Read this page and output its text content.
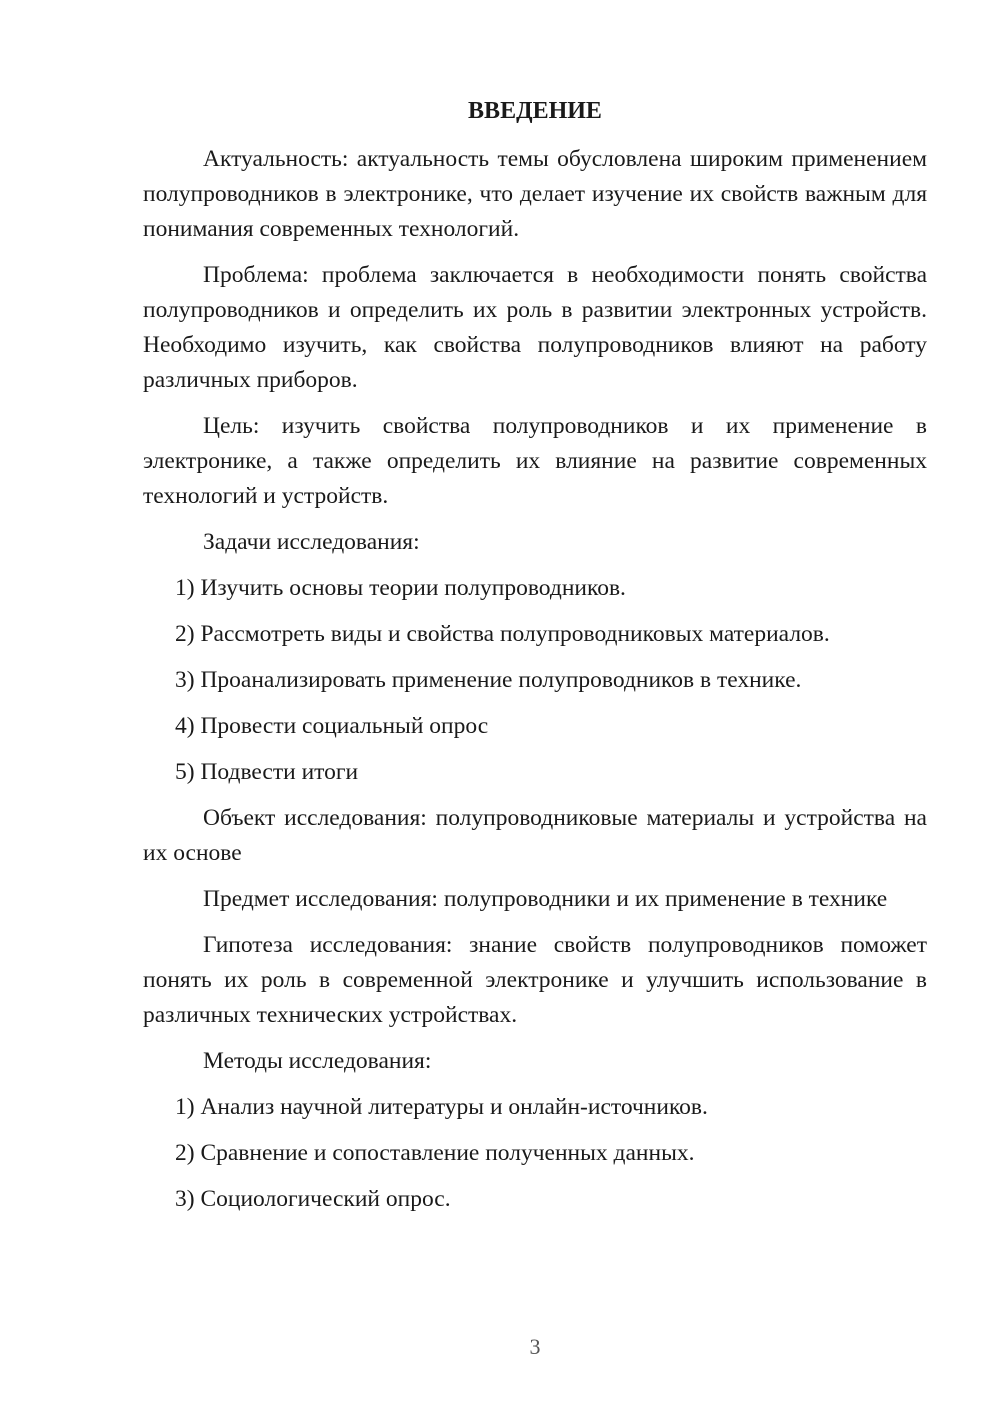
ВВЕДЕНИЕ

Актуальность: актуальность темы обусловлена широким применением полупроводников в электронике, что делает изучение их свойств важным для понимания современных технологий.

Проблема: проблема заключается в необходимости понять свойства полупроводников и определить их роль в развитии электронных устройств. Необходимо изучить, как свойства полупроводников влияют на работу различных приборов.

Цель: изучить свойства полупроводников и их применение в электронике, а также определить их влияние на развитие современных технологий и устройств.

Задачи исследования:

1) Изучить основы теории полупроводников.

2) Рассмотреть виды и свойства полупроводниковых материалов.

3) Проанализировать применение полупроводников в технике.

4) Провести социальный опрос

5) Подвести итоги

Объект исследования: полупроводниковые материалы и устройства на их основе

Предмет исследования: полупроводники и их применение в технике

Гипотеза исследования: знание свойств полупроводников поможет понять их роль в современной электронике и улучшить использование в различных технических устройствах.

Методы исследования:

1) Анализ научной литературы и онлайн-источников.

2) Сравнение и сопоставление полученных данных.

3) Социологический опрос.

3
